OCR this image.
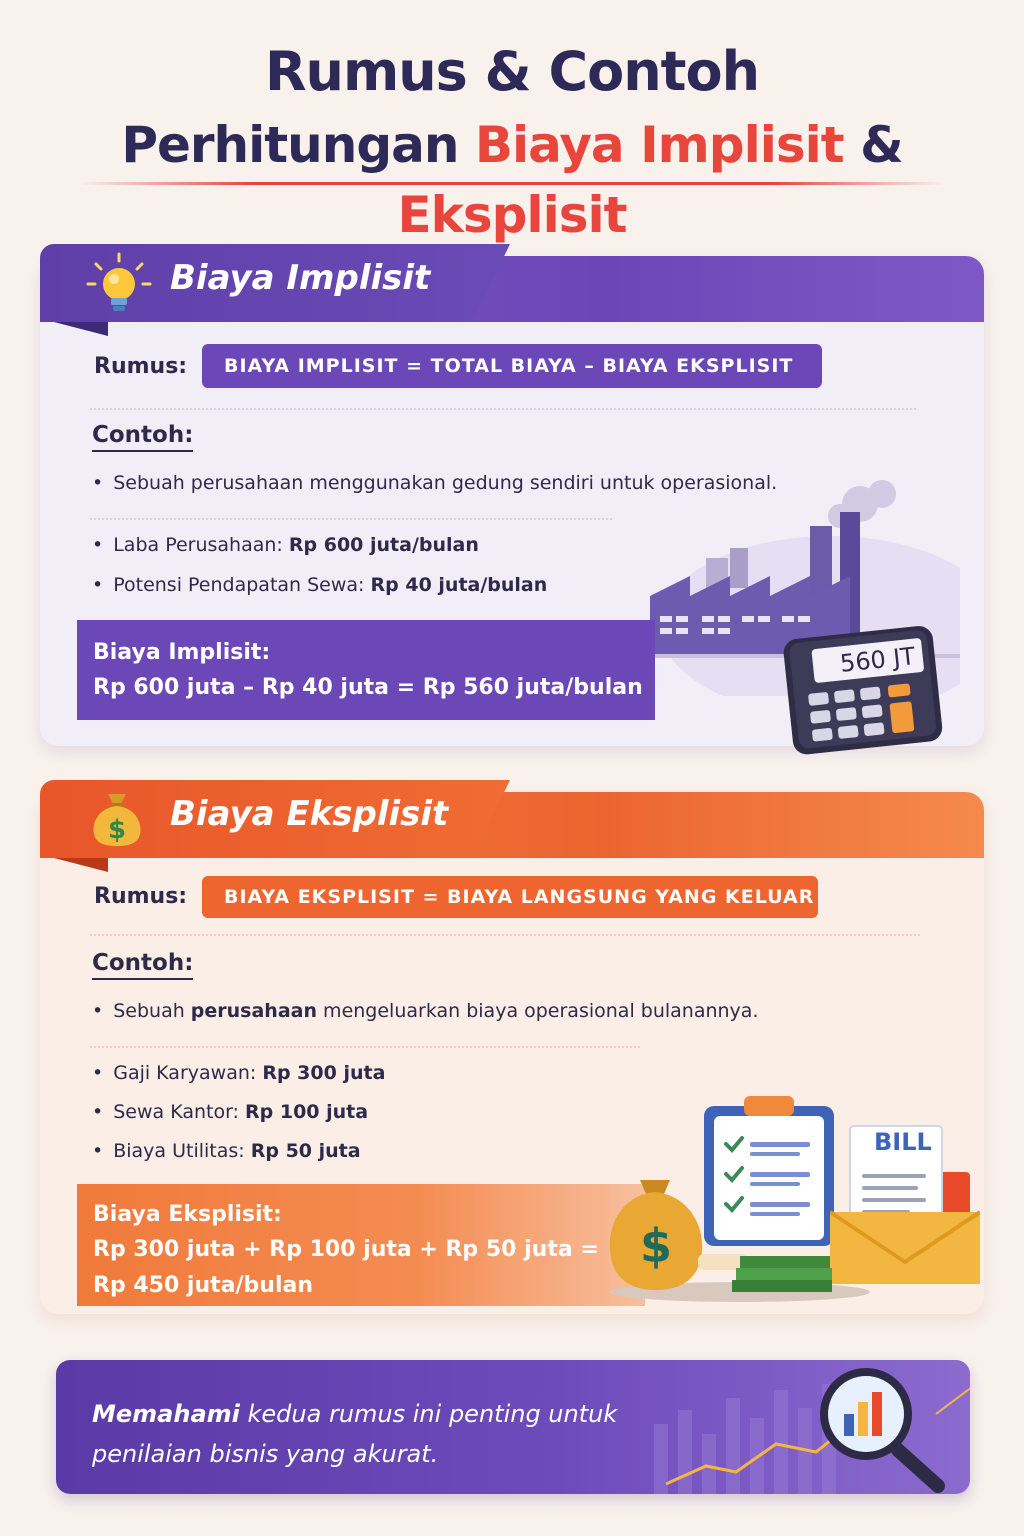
Rumus & Contoh
Perhitungan Biaya Implisit & Eksplisit
Biaya Implisit
Rumus:	BIAYA IMPLISIT = TOTAL BIAYA – BIAYA EKSPLISIT
Contoh:
• Sebuah perusahaan menggunakan gedung sendiri untuk operasional.
• Laba Perusahaan: Rp 600 juta/bulan
• Potensi Pendapatan Sewa: Rp 40 juta/bulan
Biaya Implisit:
Rp 600 juta – Rp 40 juta = Rp 560 juta/bulan
560 JT
$ Biaya Eksplisit
Rumus:	BIAYA EKSPLISIT = BIAYA LANGSUNG YANG KELUAR
Contoh:
• Sebuah perusahaan mengeluarkan biaya operasional bulanannya.
• Gaji Karyawan: Rp 300 juta
• Sewa Kantor: Rp 100 juta
• Biaya Utilitas: Rp 50 juta
Biaya Eksplisit:
Rp 300 juta + Rp 100 juta + Rp 50 juta =
Rp 450 juta/bulan
BILL
$
Memahami kedua rumus ini penting untuk
penilaian bisnis yang akurat.
